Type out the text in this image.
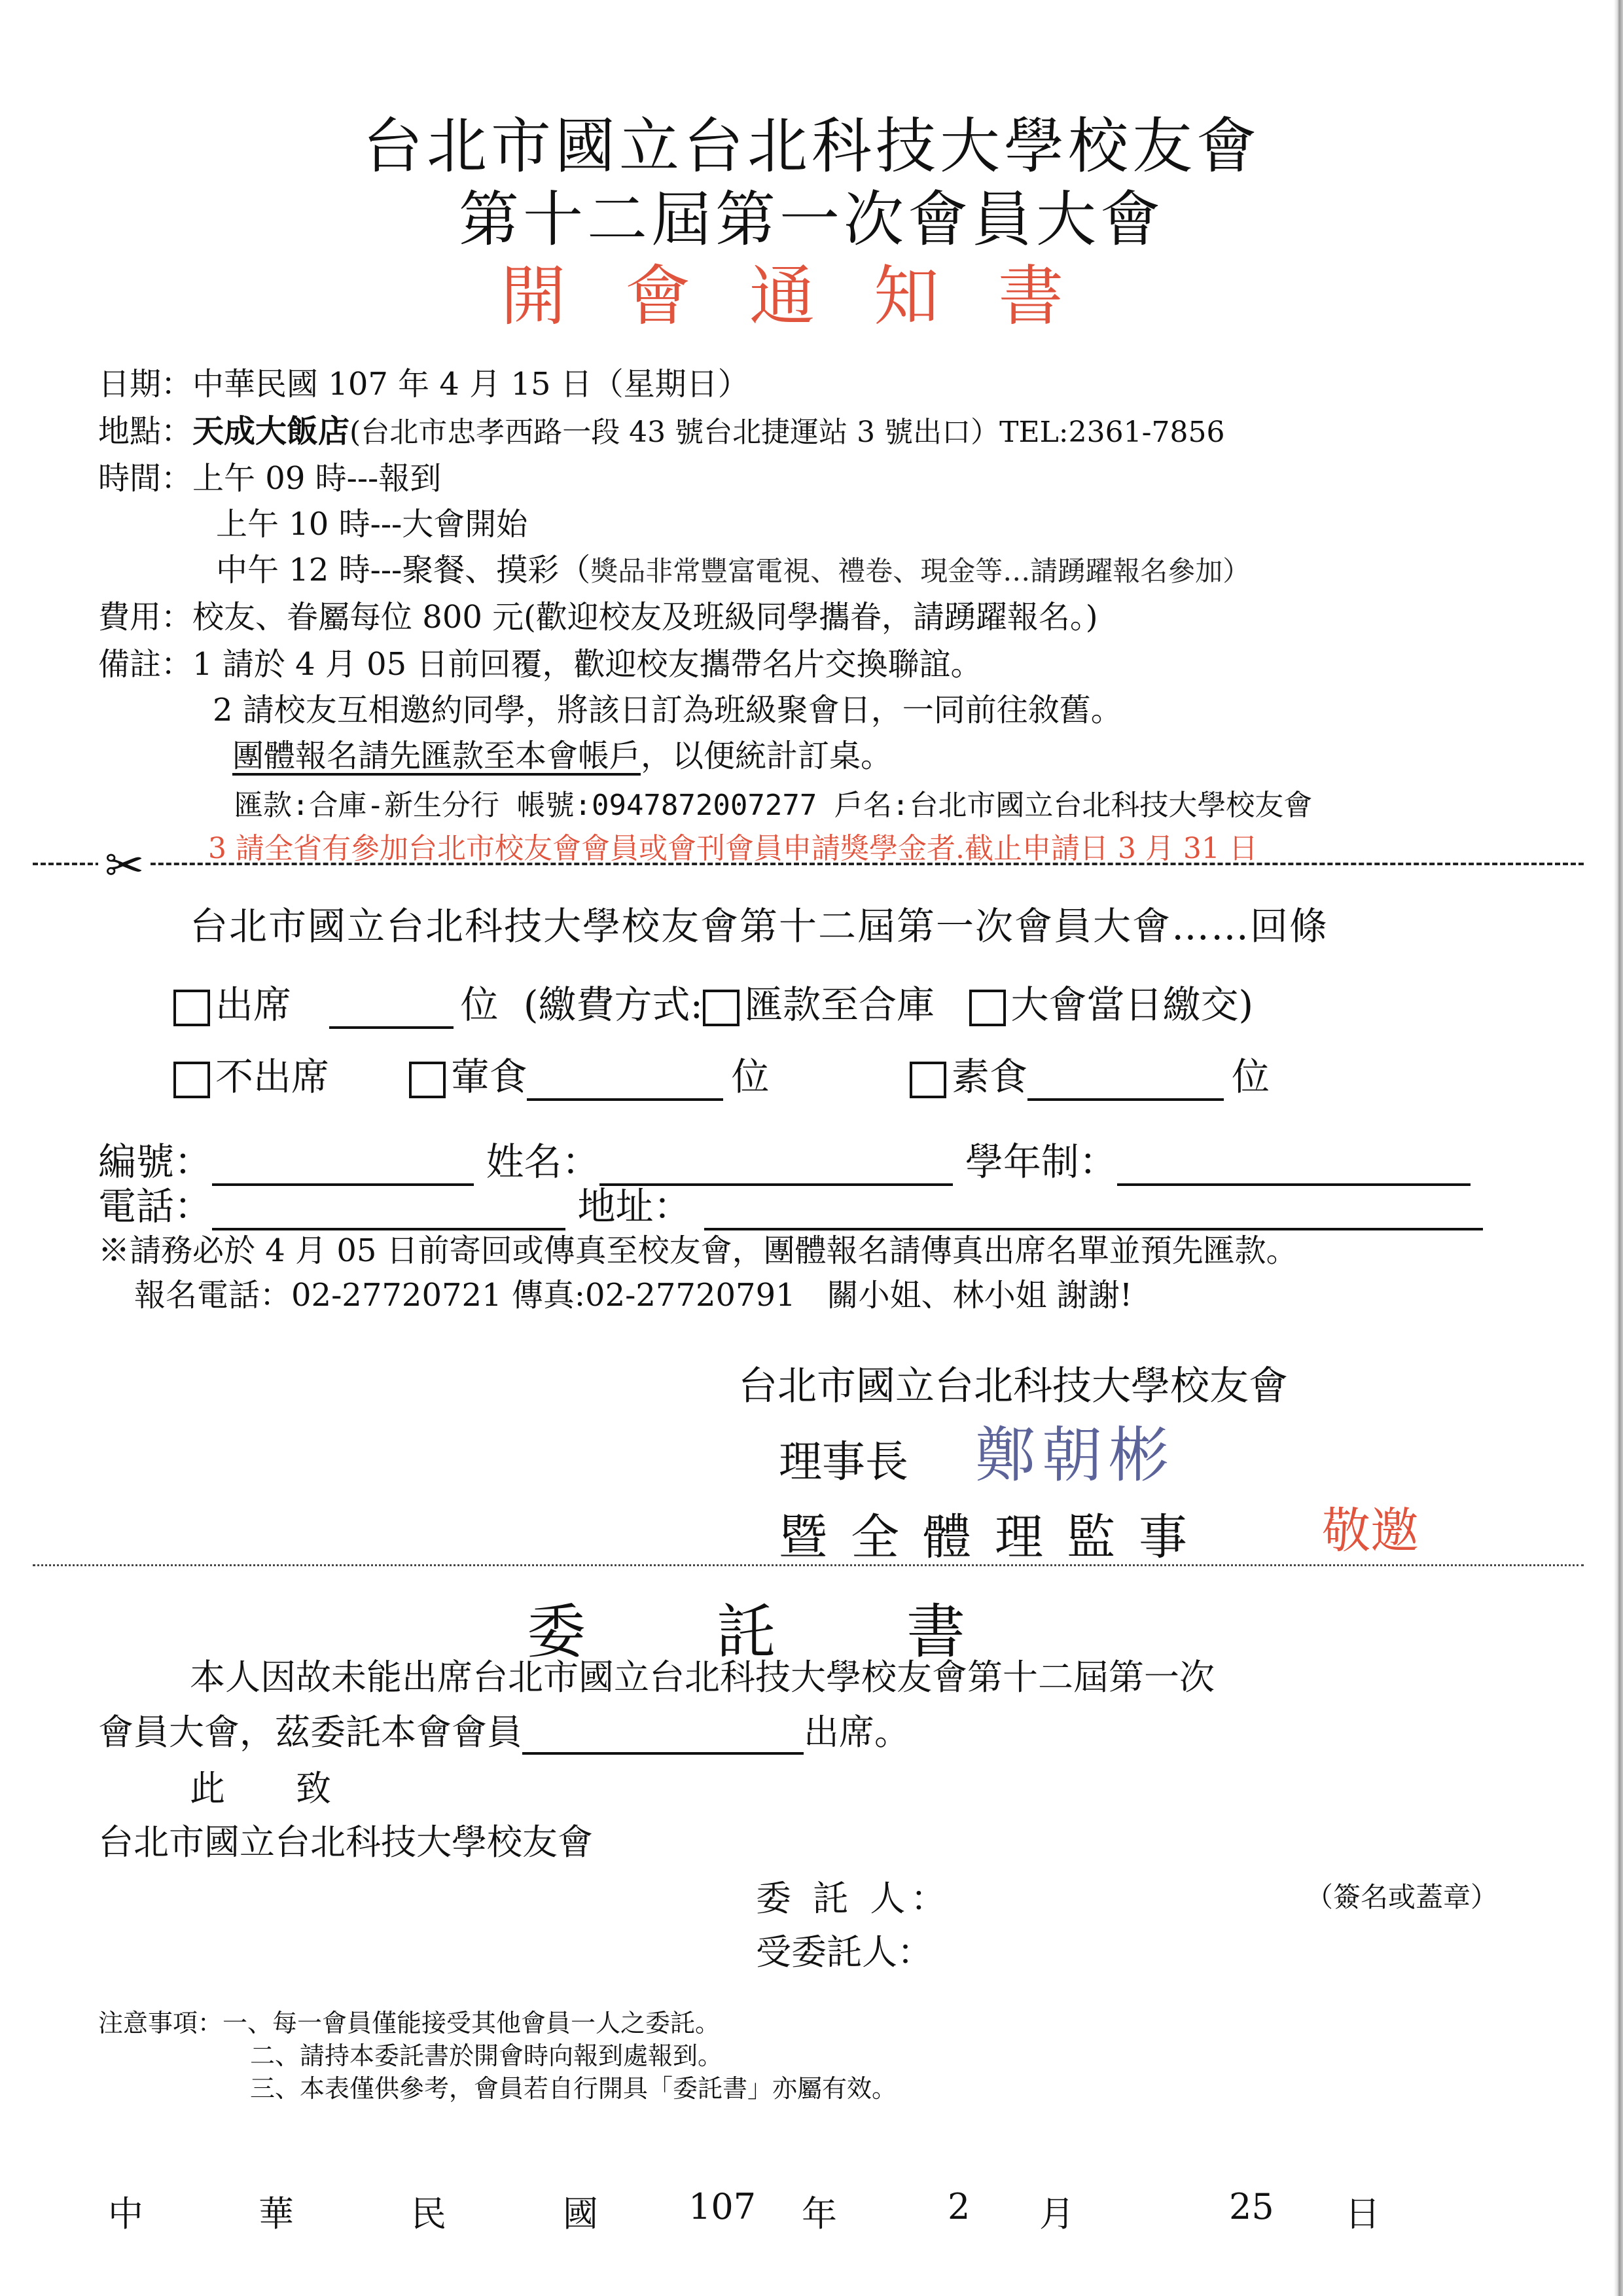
台北市國立台北科技大學校友會
第十二屆第一次會員大會
開會通知書
日期：中華民國 107 年 4 月 15 日（星期日）
地點：天成大飯店(台北市忠孝西路一段 43 號台北捷運站 3 號出口）TEL:2361-7856
時間：上午 09 時---報到
上午 10 時---大會開始
中午 12 時---聚餐、摸彩（獎品非常豐富電視、禮卷、現金等…請踴躍報名參加）
費用：校友、眷屬每位 800 元(歡迎校友及班級同學攜眷，請踴躍報名。)
備註：1 請於 4 月 05 日前回覆，歡迎校友攜帶名片交換聯誼。
2 請校友互相邀約同學，將該日訂為班級聚會日，一同前往敘舊。
團體報名請先匯款至本會帳戶，以便統計訂桌。
匯款:合庫-新生分行 帳號:0947872007277 戶名:台北市國立台北科技大學校友會
3 請全省有參加台北市校友會會員或會刊會員申請獎學金者.截止申請日 3 月 31 日
✂
台北市國立台北科技大學校友會第十二屆第一次會員大會……回條
出席	位 (繳費方式: 匯款至合庫 大會當日繳交)
不出席	葷食	位	素食	位
編號：	姓名：	學年制：
電話：	地址：
※請務必於 4 月 05 日前寄回或傳真至校友會，團體報名請傳真出席名單並預先匯款。
報名電話：02-27720721 傳真:02-27720791　關小姐、林小姐 謝謝!
台北市國立台北科技大學校友會
理事長 鄭朝彬
暨全體理監事 敬邀
委託書
本人因故未能出席台北市國立台北科技大學校友會第十二屆第一次
會員大會，茲委託本會會員	出席。
此　　致
台北市國立台北科技大學校友會
委 託 人：	（簽名或蓋章）
受委託人：
注意事項：一、每一會員僅能接受其他會員一人之委託。
二、請持本委託書於開會時向報到處報到。
三、本表僅供參考，會員若自行開具「委託書」亦屬有效。
中	華	民	國	107 年	2 月	25 日
